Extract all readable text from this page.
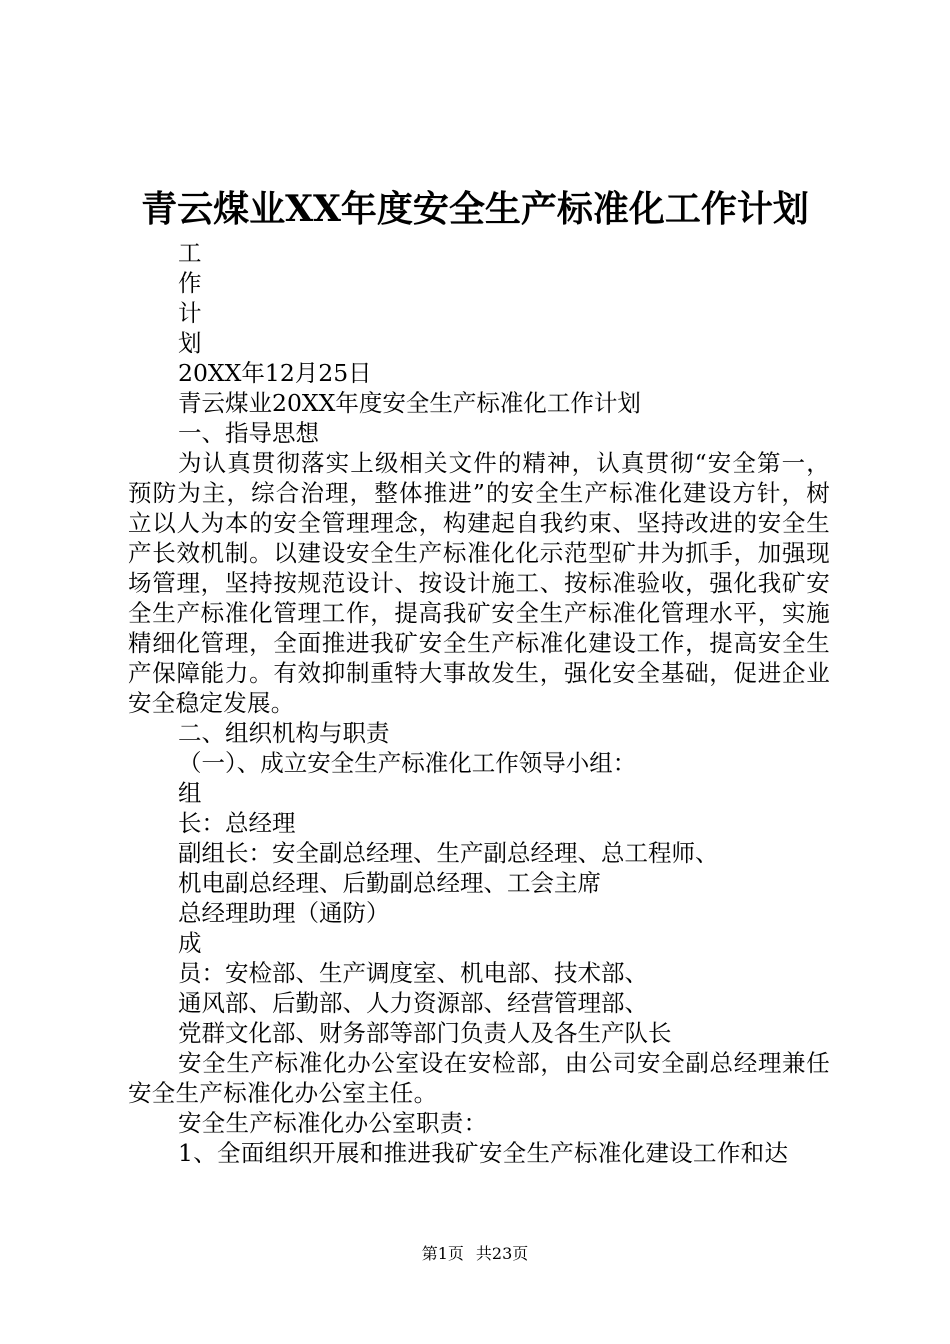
青云煤业XX年度安全生产标准化工作计划
工
作
计
划
20XX年12月25日
青云煤业20XX年度安全生产标准化工作计划
一、指导思想
为认真贯彻落实上级相关文件的精神，认真贯彻“安全第一，预防为主，综合治理，整体推进”的安全生产标准化建设方针，树立以人为本的安全管理理念，构建起自我约束、坚持改进的安全生产长效机制。以建设安全生产标准化化示范型矿井为抓手，加强现场管理，坚持按规范设计、按设计施工、按标准验收，强化我矿安全生产标准化管理工作，提高我矿安全生产标准化管理水平，实施精细化管理，全面推进我矿安全生产标准化建设工作，提高安全生产保障能力。有效抑制重特大事故发生，强化安全基础，促进企业安全稳定发展。
二、组织机构与职责
（一）、成立安全生产标准化工作领导小组：
组
长：总经理
副组长：安全副总经理、生产副总经理、总工程师、
机电副总经理、后勤副总经理、工会主席
总经理助理（通防）
成
员：安检部、生产调度室、机电部、技术部、
通风部、后勤部、人力资源部、经营管理部、
党群文化部、财务部等部门负责人及各生产队长
安全生产标准化办公室设在安检部，由公司安全副总经理兼任安全生产标准化办公室主任。
安全生产标准化办公室职责：
1、全面组织开展和推进我矿安全生产标准化建设工作和达
第1页 共23页
